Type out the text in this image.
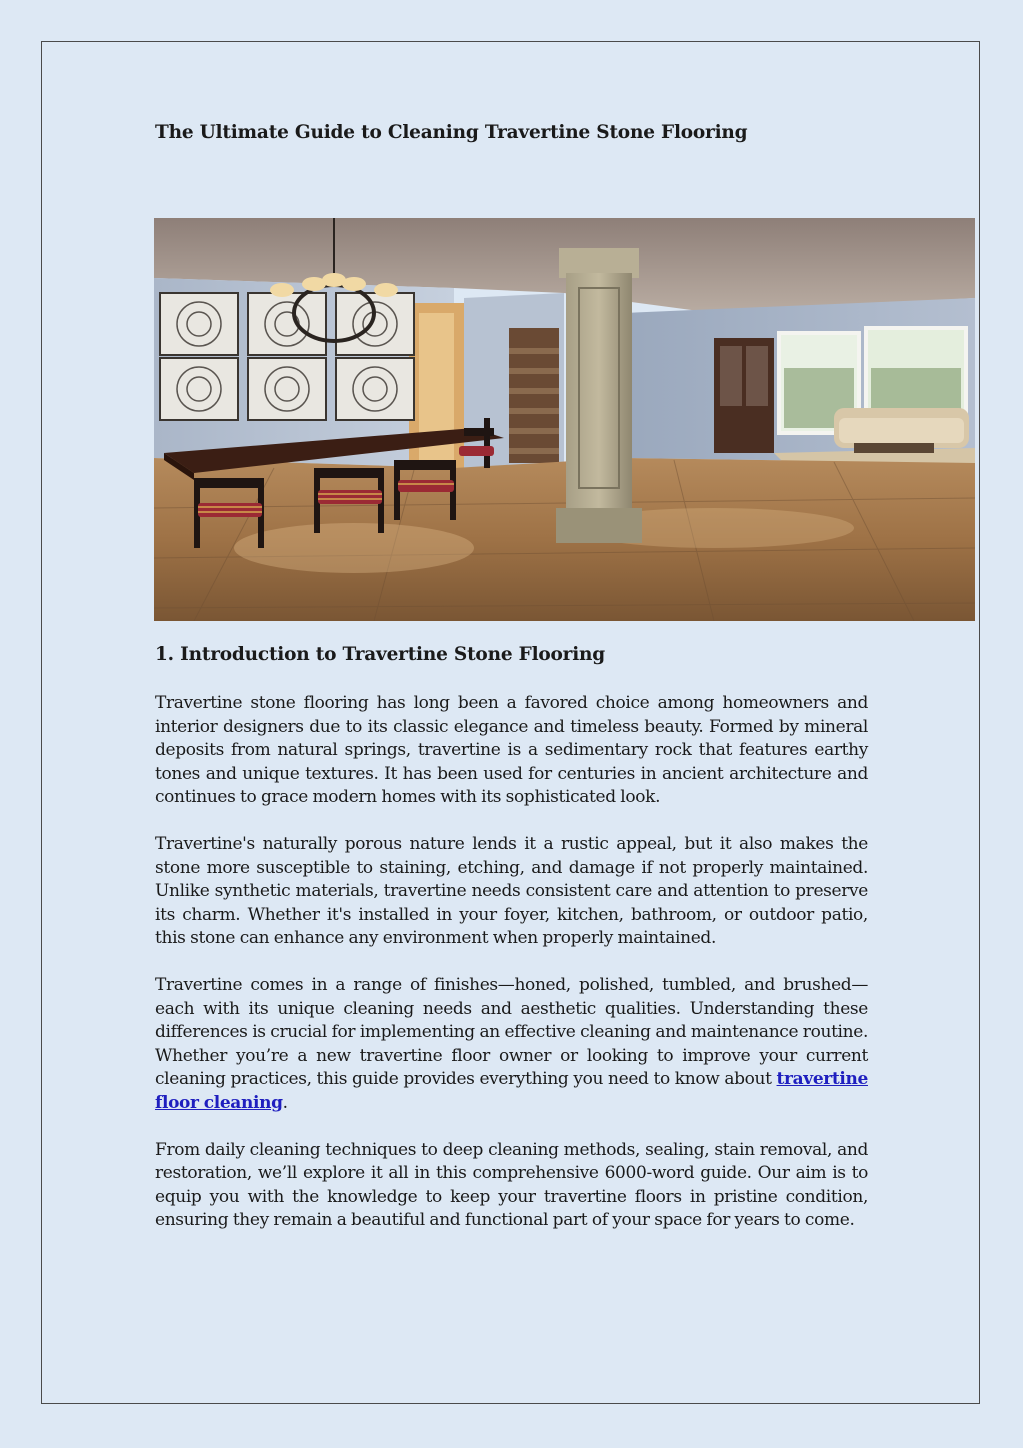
The Ultimate Guide to Cleaning Travertine Stone Flooring
1. Introduction to Travertine Stone Flooring

Travertine stone flooring has long been a favored choice among homeowners and interior designers due to its classic elegance and timeless beauty. Formed by mineral deposits from natural springs, travertine is a sedimentary rock that features earthy tones and unique textures. It has been used for centuries in ancient architecture and continues to grace modern homes with its sophisticated look.

Travertine's naturally porous nature lends it a rustic appeal, but it also makes the stone more susceptible to staining, etching, and damage if not properly maintained. Unlike synthetic materials, travertine needs consistent care and attention to preserve its charm. Whether it's installed in your foyer, kitchen, bathroom, or outdoor patio, this stone can enhance any environment when properly maintained.

Travertine comes in a range of finishes—honed, polished, tumbled, and brushed—each with its unique cleaning needs and aesthetic qualities. Understanding these differences is crucial for implementing an effective cleaning and maintenance routine. Whether you’re a new travertine floor owner or looking to improve your current cleaning practices, this guide provides everything you need to know about travertine floor cleaning.

From daily cleaning techniques to deep cleaning methods, sealing, stain removal, and restoration, we’ll explore it all in this comprehensive 6000-word guide. Our aim is to equip you with the knowledge to keep your travertine floors in pristine condition, ensuring they remain a beautiful and functional part of your space for years to come.
